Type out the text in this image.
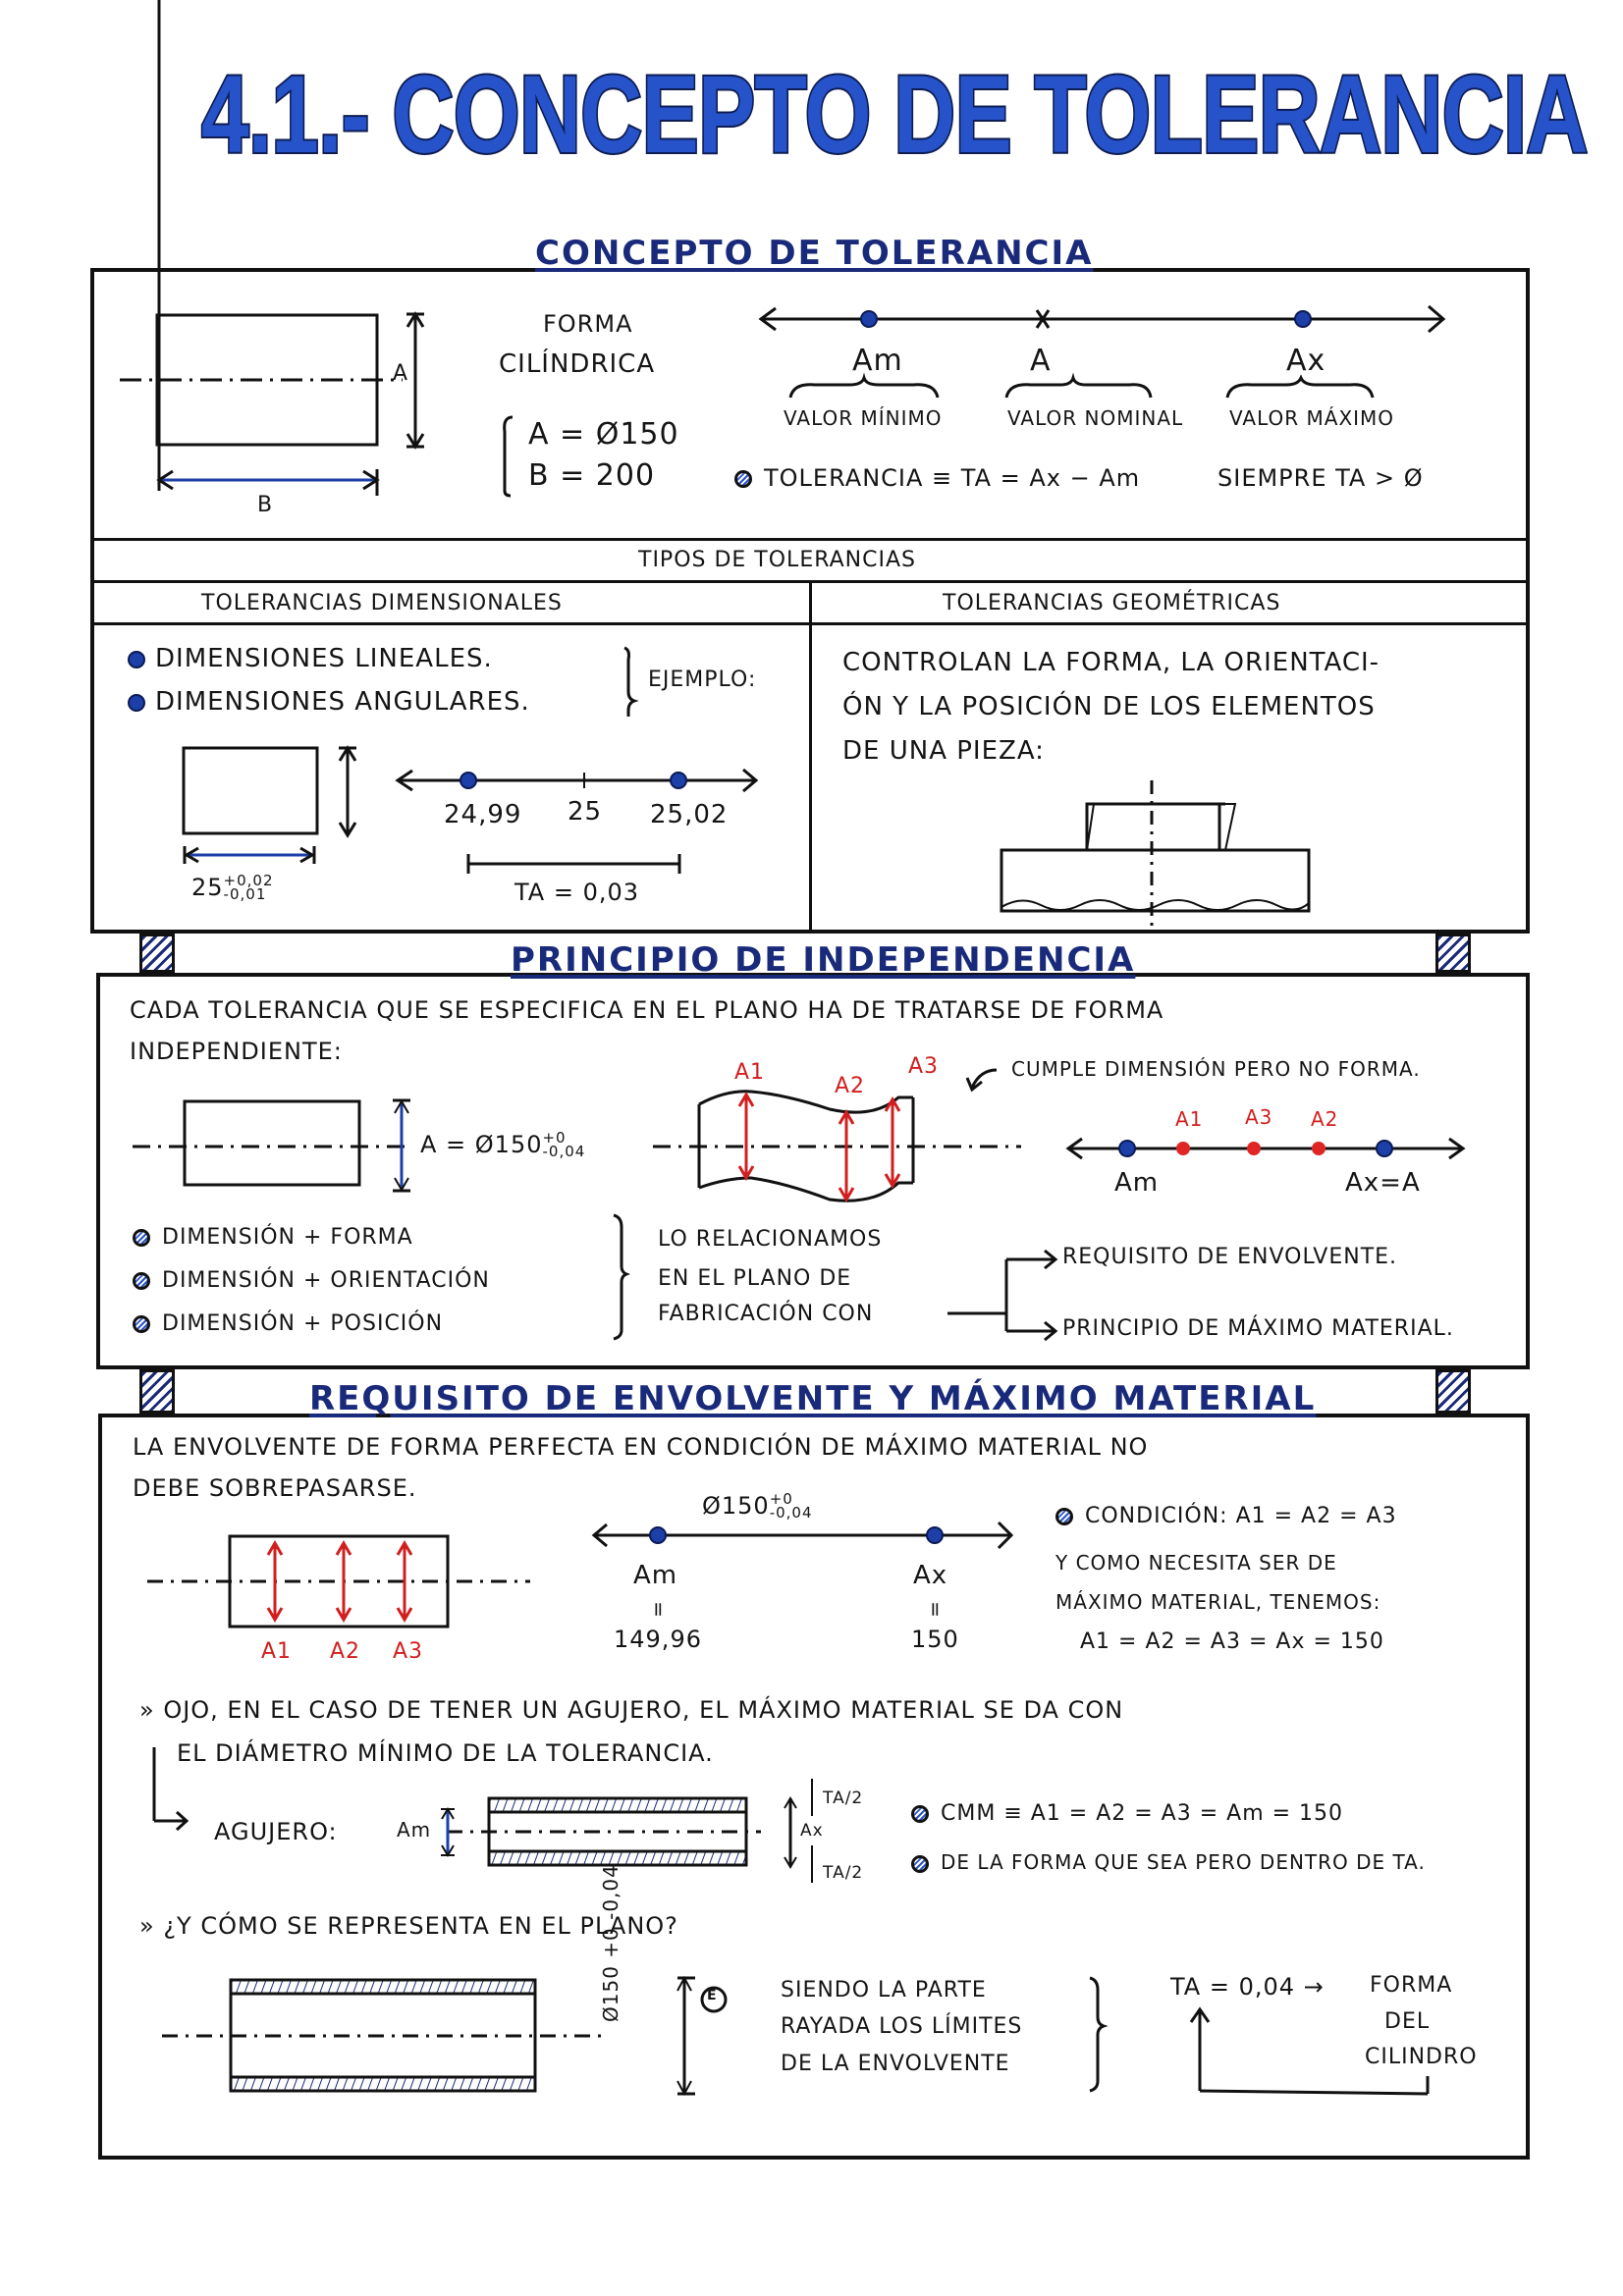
4.1.- CONCEPTO DE TOLERANCIA
CONCEPTO DE TOLERANCIA
A
B
FORMA
CILÍNDRICA
A = Ø150
B = 200
Am	A	Ax
VALOR MÍNIMO	VALOR NOMINAL VALOR MÁXIMO
TOLERANCIA ≡ TA = Ax − Am	SIEMPRE TA > Ø
TIPOS DE TOLERANCIAS
TOLERANCIAS DIMENSIONALES	TOLERANCIAS GEOMÉTRICAS
DIMENSIONES LINEALES.
DIMENSIONES ANGULARES.
EJEMPLO:
25 $^{+0,02 -0,01}$
24,99 25 25,02
TA = 0,03
CONTROLAN LA FORMA, LA ORIENTACI-
ÓN Y LA POSICIÓN DE LOS ELEMENTOS
DE UNA PIEZA:
PRINCIPIO DE INDEPENDENCIA
CADA TOLERANCIA QUE SE ESPECIFICA EN EL PLANO HA DE TRATARSE DE FORMA
INDEPENDIENTE:
A = Ø150 $^{+0 -0,04}$
A1
A2
A3	CUMPLE DIMENSIÓN PERO NO FORMA.
A1 A3 A2
Am	Ax=A
DIMENSIÓN + FORMA
DIMENSIÓN + ORIENTACIÓN
DIMENSIÓN + POSICIÓN
LO RELACIONAMOS
EN EL PLANO DE
FABRICACIÓN CON
REQUISITO DE ENVOLVENTE.
PRINCIPIO DE MÁXIMO MATERIAL.
REQUISITO DE ENVOLVENTE Y MÁXIMO MATERIAL
LA ENVOLVENTE DE FORMA PERFECTA EN CONDICIÓN DE MÁXIMO MATERIAL NO
DEBE SOBREPASARSE.
Ø150 $^{+0 -0,04}$
A1 A2 A3
Am
=
149,96
Ax
=
150
CONDICIÓN: A1 = A2 = A3
Y COMO NECESITA SER DE
MÁXIMO MATERIAL, TENEMOS:
A1 = A2 = A3 = Ax = 150
» OJO, EN EL CASO DE TENER UN AGUJERO, EL MÁXIMO MATERIAL SE DA CON
EL DIÁMETRO MÍNIMO DE LA TOLERANCIA.
AGUJERO:	Am	Ax
TA/2
TA/2
CMM ≡ A1 = A2 = A3 = Am = 150
DE LA FORMA QUE SEA PERO DENTRO DE TA.
» ¿Y CÓMO SE REPRESENTA EN EL PLANO?
Ø150 +0 -0,04	E	SIENDO LA PARTE
RAYADA LOS LÍMITES
DE LA ENVOLVENTE
TA = 0,04 → FORMA
DEL
CILINDRO
